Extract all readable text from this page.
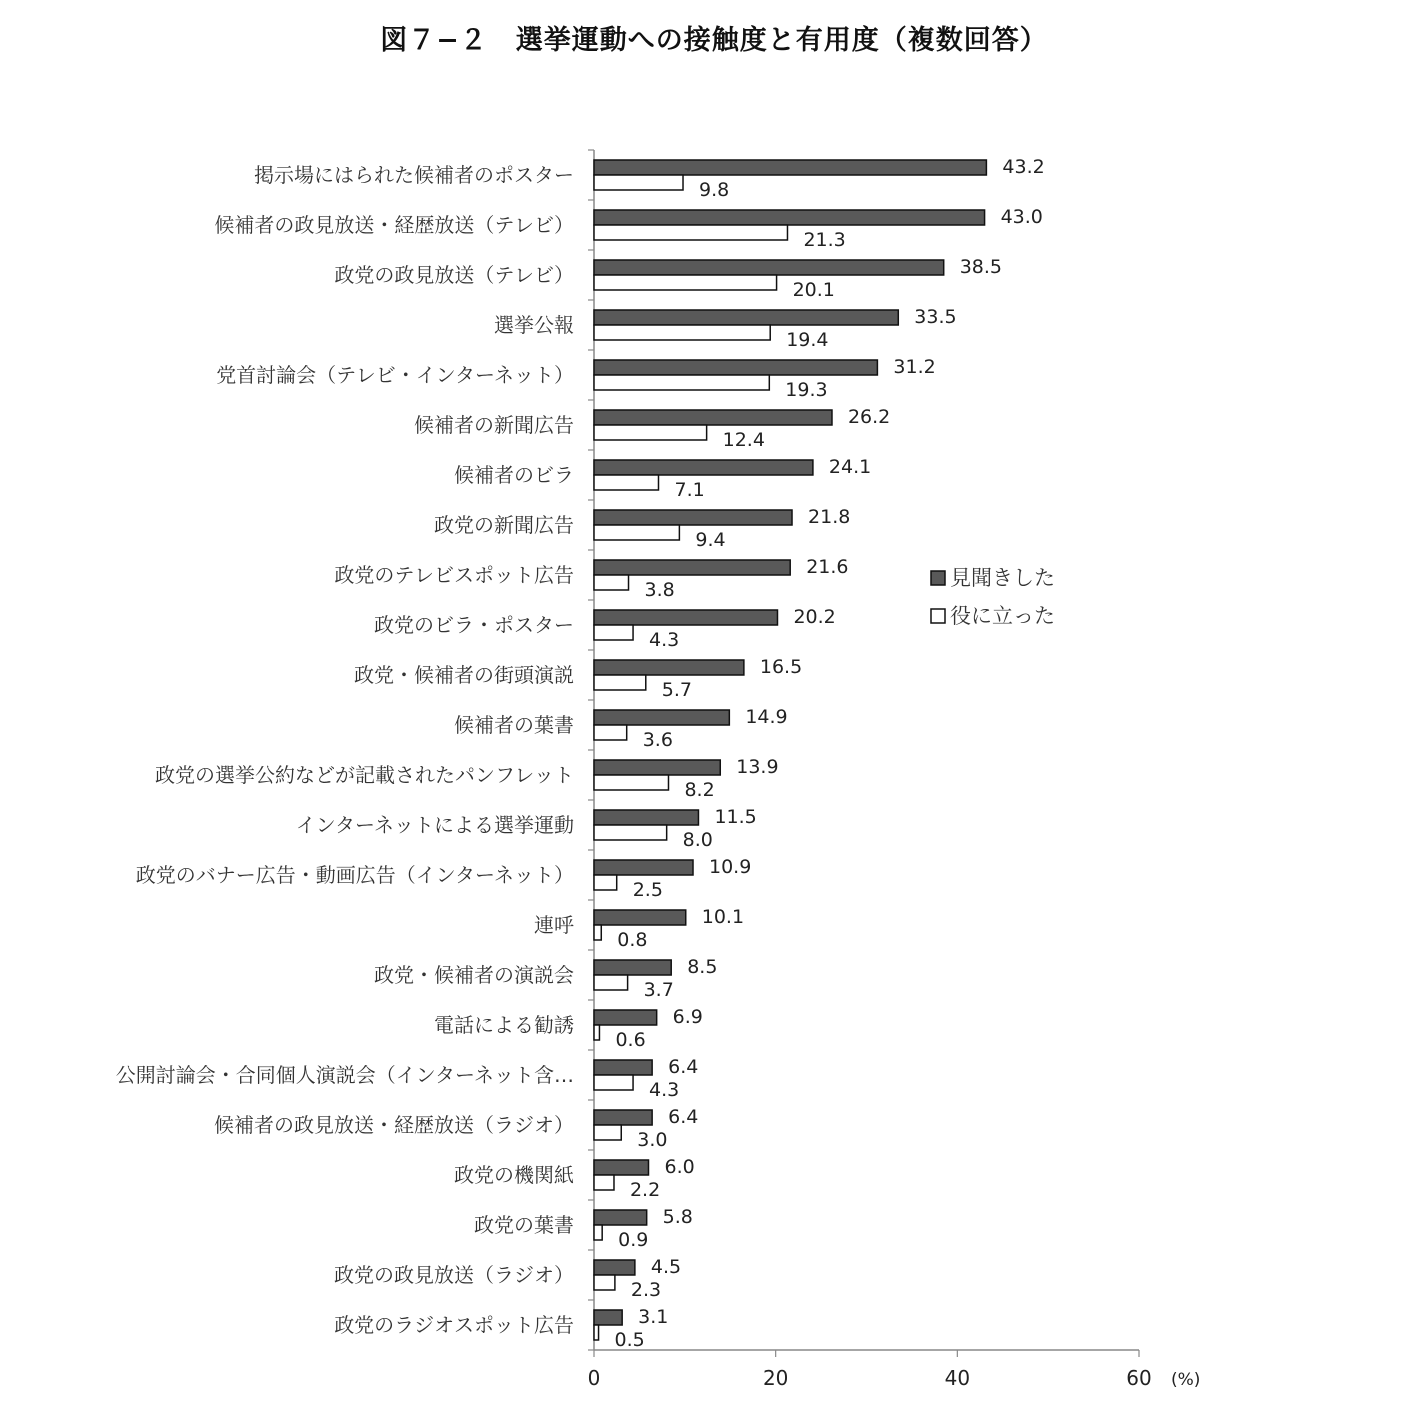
図７−２　選挙運動への接触度と有用度（複数回答）
0	20	40	60 (%)
掲示場にはられた候補者のポスター	43.2
9.8
候補者の政見放送・経歴放送（テレビ）	43.0
21.3
政党の政見放送（テレビ）	38.5
20.1
選挙公報	33.5
19.4
党首討論会（テレビ・インターネット）	31.2
19.3
候補者の新聞広告	26.2
12.4
候補者のビラ	24.1
7.1
政党の新聞広告	21.8
9.4
政党のテレビスポット広告	21.6
3.8
政党のビラ・ポスター	20.2
4.3
政党・候補者の街頭演説	16.5
5.7
候補者の葉書	14.9
3.6
政党の選挙公約などが記載されたパンフレット	13.9
8.2
インターネットによる選挙運動	11.5
8.0
政党のバナー広告・動画広告（インターネット）	10.9
2.5
連呼	10.1
0.8
政党・候補者の演説会	8.5
3.7
電話による勧誘	6.9
0.6
公開討論会・合同個人演説会（インターネット含…	6.4
4.3
候補者の政見放送・経歴放送（ラジオ）	6.4
3.0
政党の機関紙	6.0
2.2
政党の葉書	5.8
0.9
政党の政見放送（ラジオ）	4.5
2.3
政党のラジオスポット広告	3.1
0.5
見聞きした
役に立った
